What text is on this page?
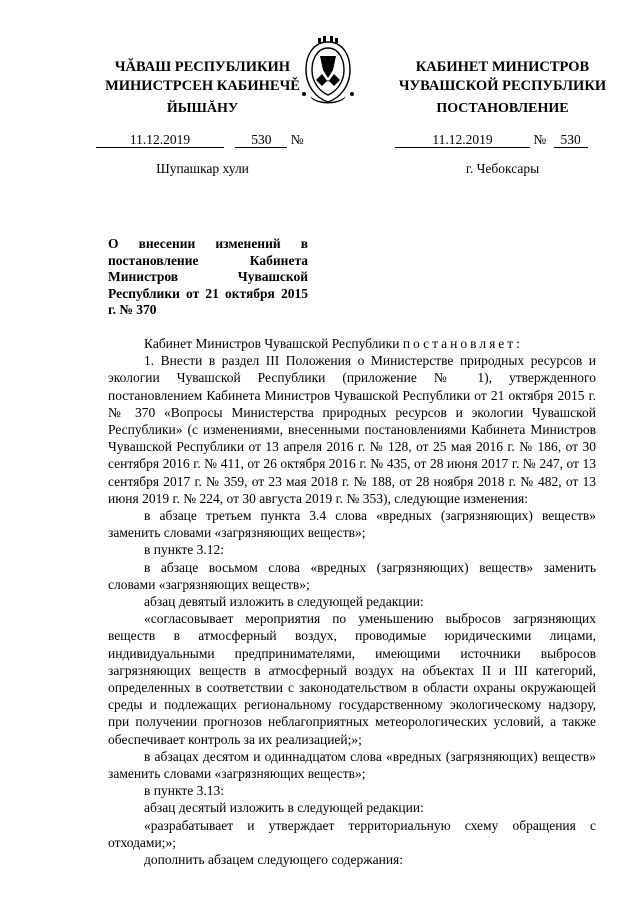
ЧĂВАШ РЕСПУБЛИКИН
МИНИСТРСЕН КАБИНЕЧĚ
ЙЫШĂНУ
КАБИНЕТ МИНИСТРОВ
ЧУВАШСКОЙ РЕСПУБЛИКИ
ПОСТАНОВЛЕНИЕ
11.12.2019	530 №	11.12.2019	№ 530
Шупашкар хули	г. Чебоксары
О внесении изменений в постановление Кабинета Министров Чувашской Республики от 21 октября 2015 г. № 370

Кабинет Министров Чувашской Республики постановляет:

1. Внести в раздел III Положения о Министерстве природных ресурсов и экологии Чувашской Республики (приложение № 1), утвержденного постановлением Кабинета Министров Чувашской Республики от 21 октября 2015 г. № 370 «Вопросы Министерства природных ресурсов и экологии Чувашской Республики» (с изменениями, внесенными постановлениями Кабинета Министров Чувашской Республики от 13 апреля 2016 г. № 128, от 25 мая 2016 г. № 186, от 30 сентября 2016 г. № 411, от 26 октября 2016 г. № 435, от 28 июня 2017 г. № 247, от 13 сентября 2017 г. № 359, от 23 мая 2018 г. № 188, от 28 ноября 2018 г. № 482, от 13 июня 2019 г. № 224, от 30 августа 2019 г. № 353), следующие изменения:

в абзаце третьем пункта 3.4 слова «вредных (загрязняющих) веществ» заменить словами «загрязняющих веществ»;

в пункте 3.12:

в абзаце восьмом слова «вредных (загрязняющих) веществ» заменить словами «загрязняющих веществ»;

абзац девятый изложить в следующей редакции:

«согласовывает мероприятия по уменьшению выбросов загрязняющих веществ в атмосферный воздух, проводимые юридическими лицами, индивидуальными предпринимателями, имеющими источники выбросов загрязняющих веществ в атмосферный воздух на объектах II и III категорий, определенных в соответствии с законодательством в области охраны окружающей среды и подлежащих региональному государственному экологическому надзору, при получении прогнозов неблагоприятных метеорологических условий, а также обеспечивает контроль за их реализацией;»;

в абзацах десятом и одиннадцатом слова «вредных (загрязняющих) веществ» заменить словами «загрязняющих веществ»;

в пункте 3.13:

абзац десятый изложить в следующей редакции:

«разрабатывает и утверждает территориальную схему обращения с отходами;»;

дополнить абзацем следующего содержания:
